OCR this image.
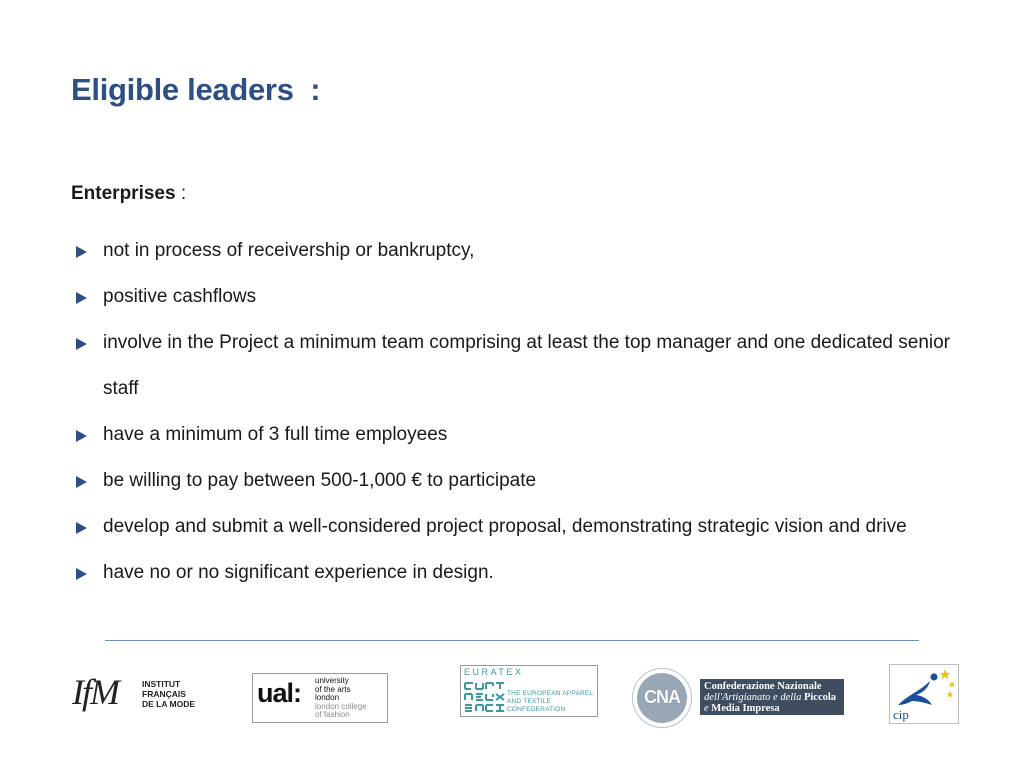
Eligible leaders  :
Enterprises :
not in process of receivership or bankruptcy,
positive cashflows
involve in the Project a minimum team comprising at least the top manager and one dedicated senior staff
have a minimum of 3 full time employees
be willing to pay between 500-1,000 € to participate
develop and submit a well-considered project proposal, demonstrating strategic vision and drive
have no or no significant experience in design.
IfM	INSTITUT
FRANÇAIS
DE LA MODE ual: university
of the arts
london
london college
of fashion
EURATEX
THE EUROPEAN APPAREL
AND TEXTILE CONFEDERATION
CNA
Confederazione Nazionale
dell'Artigianato e della Piccola
e Media Impresa	cip
